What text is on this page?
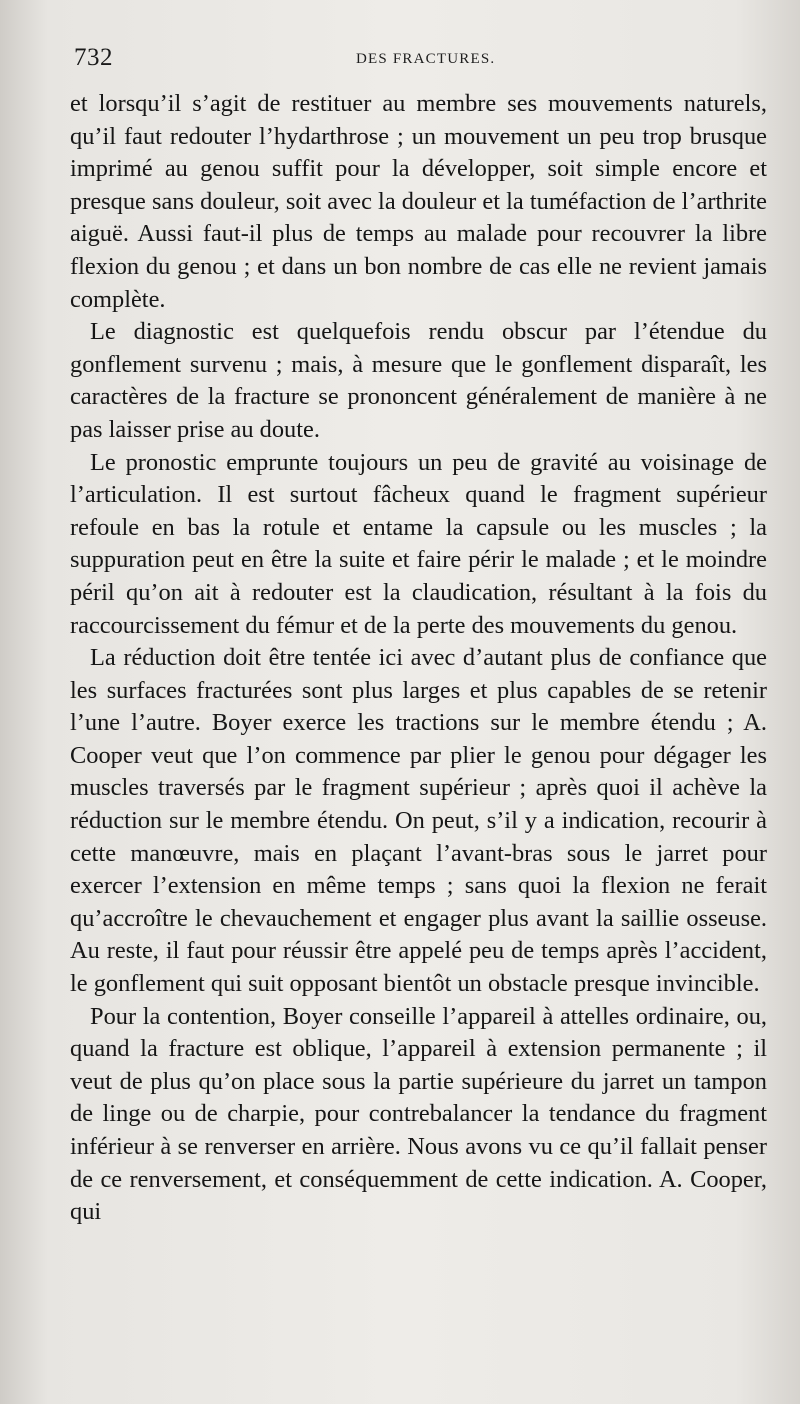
732	DES FRACTURES.

et lorsqu’il s’agit de restituer au membre ses mouvements naturels, qu’il faut redouter l’hydarthrose ; un mouvement un peu trop brusque imprimé au genou suffit pour la développer, soit simple encore et presque sans douleur, soit avec la douleur et la tuméfaction de l’arthrite aiguë. Aussi faut-il plus de temps au malade pour recouvrer la libre flexion du genou ; et dans un bon nombre de cas elle ne revient jamais complète.

Le diagnostic est quelquefois rendu obscur par l’étendue du gonflement survenu ; mais, à mesure que le gonflement disparaît, les caractères de la fracture se prononcent généralement de manière à ne pas laisser prise au doute.

Le pronostic emprunte toujours un peu de gravité au voisinage de l’articulation. Il est surtout fâcheux quand le fragment supérieur refoule en bas la rotule et entame la capsule ou les muscles ; la suppuration peut en être la suite et faire périr le malade ; et le moindre péril qu’on ait à redouter est la claudication, résultant à la fois du raccourcissement du fémur et de la perte des mouvements du genou.

La réduction doit être tentée ici avec d’autant plus de confiance que les surfaces fracturées sont plus larges et plus capables de se retenir l’une l’autre. Boyer exerce les tractions sur le membre étendu ; A. Cooper veut que l’on commence par plier le genou pour dégager les muscles traversés par le fragment supérieur ; après quoi il achève la réduction sur le membre étendu. On peut, s’il y a indication, recourir à cette manœuvre, mais en plaçant l’avant-bras sous le jarret pour exercer l’extension en même temps ; sans quoi la flexion ne ferait qu’accroître le chevauchement et engager plus avant la saillie osseuse. Au reste, il faut pour réussir être appelé peu de temps après l’accident, le gonflement qui suit opposant bientôt un obstacle presque invincible.

Pour la contention, Boyer conseille l’appareil à attelles ordinaire, ou, quand la fracture est oblique, l’appareil à extension permanente ; il veut de plus qu’on place sous la partie supérieure du jarret un tampon de linge ou de charpie, pour contrebalancer la tendance du fragment inférieur à se renverser en arrière. Nous avons vu ce qu’il fallait penser de ce renversement, et conséquemment de cette indication. A. Cooper, qui
